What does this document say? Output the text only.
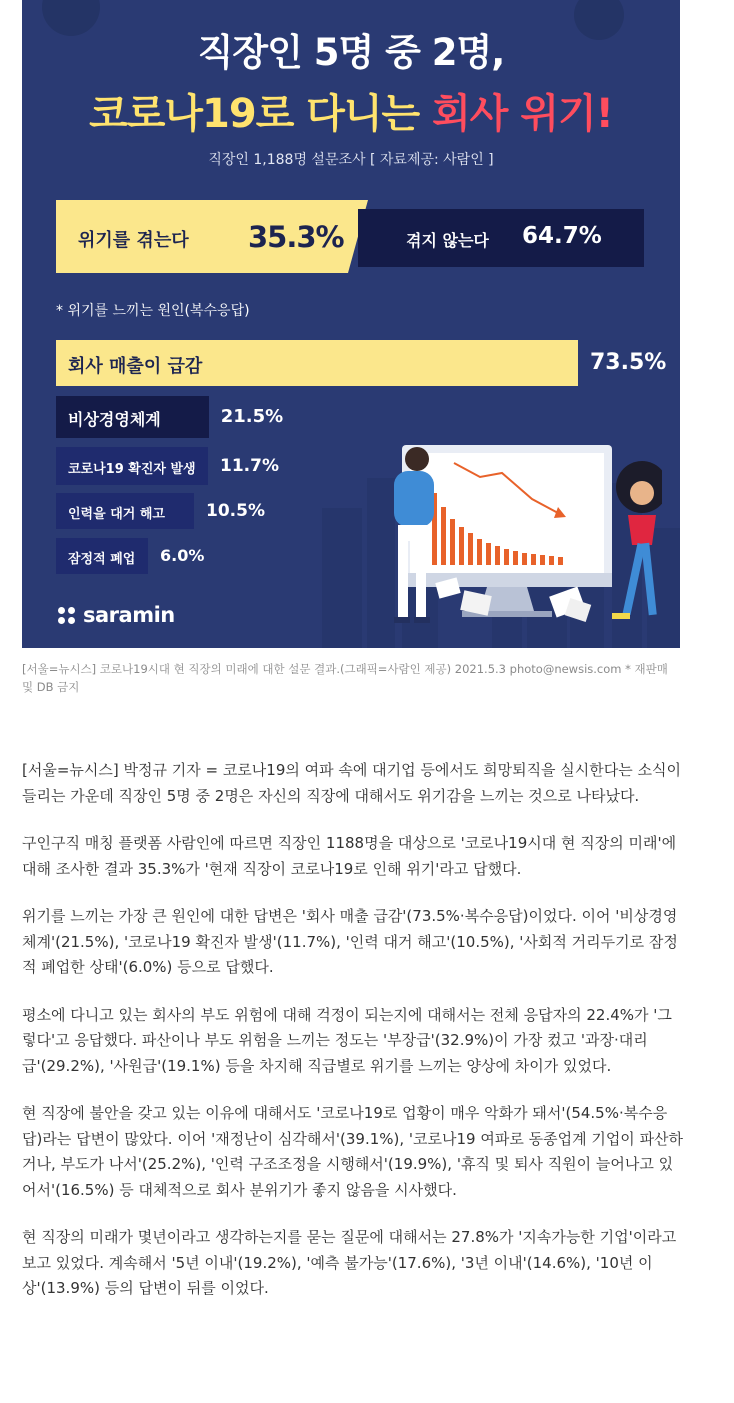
직장인 5명 중 2명,
코로나19로 다니는 회사 위기!
직장인 1,188명 설문조사 [ 자료제공: 사람인 ]
위기를 겪는다 35.3%	겪지 않는다 64.7%
* 위기를 느끼는 원인(복수응답)
회사 매출이 급감	73.5%
비상경영체계	21.5%
코로나19 확진자 발생 11.7%
인력을 대거 해고 10.5%
잠정적 폐업 6.0%
saramin
[서울=뉴시스] 코로나19시대 현 직장의 미래에 대한 설문 결과.(그래픽=사람인 제공) 2021.5.3 photo@newsis.com * 재판매 및 DB 금지

[서울=뉴시스] 박정규 기자 = 코로나19의 여파 속에 대기업 등에서도 희망퇴직을 실시한다는 소식이 들리는 가운데 직장인 5명 중 2명은 자신의 직장에 대해서도 위기감을 느끼는 것으로 나타났다.

구인구직 매칭 플랫폼 사람인에 따르면 직장인 1188명을 대상으로 '코로나19시대 현 직장의 미래'에 대해 조사한 결과 35.3%가 '현재 직장이 코로나19로 인해 위기'라고 답했다.

위기를 느끼는 가장 큰 원인에 대한 답변은 '회사 매출 급감'(73.5%·복수응답)이었다. 이어 '비상경영체계'(21.5%), '코로나19 확진자 발생'(11.7%), '인력 대거 해고'(10.5%), '사회적 거리두기로 잠정적 폐업한 상태'(6.0%) 등으로 답했다.

평소에 다니고 있는 회사의 부도 위험에 대해 걱정이 되는지에 대해서는 전체 응답자의 22.4%가 '그렇다'고 응답했다. 파산이나 부도 위험을 느끼는 정도는 '부장급'(32.9%)이 가장 컸고 '과장·대리급'(29.2%), '사원급'(19.1%) 등을 차지해 직급별로 위기를 느끼는 양상에 차이가 있었다.

현 직장에 불안을 갖고 있는 이유에 대해서도 '코로나19로 업황이 매우 악화가 돼서'(54.5%·복수응답)라는 답변이 많았다. 이어 '재정난이 심각해서'(39.1%), '코로나19 여파로 동종업계 기업이 파산하거나, 부도가 나서'(25.2%), '인력 구조조정을 시행해서'(19.9%), '휴직 및 퇴사 직원이 늘어나고 있어서'(16.5%) 등 대체적으로 회사 분위기가 좋지 않음을 시사했다.

현 직장의 미래가 몇년이라고 생각하는지를 묻는 질문에 대해서는 27.8%가 '지속가능한 기업'이라고 보고 있었다. 계속해서 '5년 이내'(19.2%), '예측 불가능'(17.6%), '3년 이내'(14.6%), '10년 이상'(13.9%) 등의 답변이 뒤를 이었다.
